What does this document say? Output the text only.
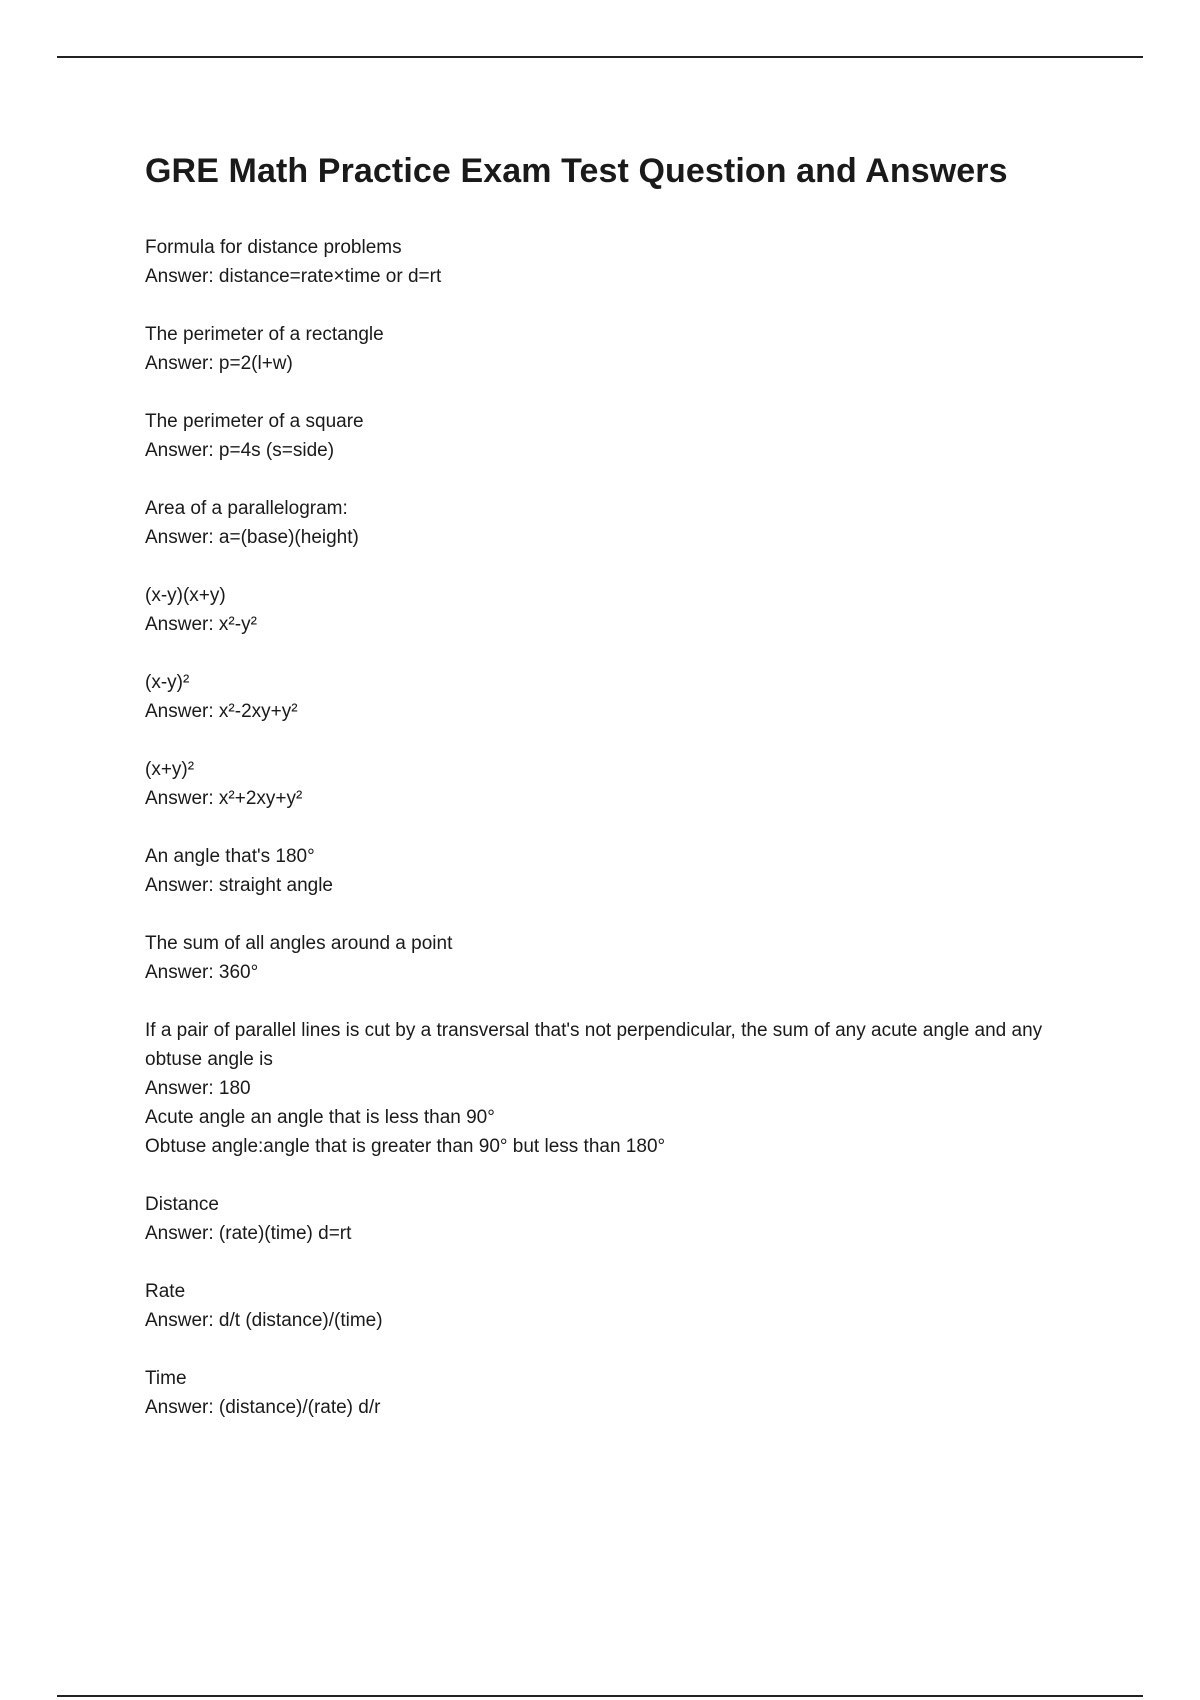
GRE Math Practice Exam Test Question and Answers
Formula for distance problems
Answer: distance=rate×time or d=rt
The perimeter of a rectangle
Answer: p=2(l+w)
The perimeter of a square
Answer: p=4s (s=side)
Area of a parallelogram:
Answer: a=(base)(height)
(x-y)(x+y)
Answer: x²-y²
(x-y)²
Answer: x²-2xy+y²
(x+y)²
Answer: x²+2xy+y²
An angle that's 180°
Answer: straight angle
The sum of all angles around a point
Answer: 360°
If a pair of parallel lines is cut by a transversal that's not perpendicular, the sum of any acute angle and any obtuse angle is
Answer: 180
Acute angle an angle that is less than 90°
Obtuse angle:angle that is greater than 90° but less than 180°
Distance
Answer: (rate)(time) d=rt
Rate
Answer: d/t (distance)/(time)
Time
Answer: (distance)/(rate) d/r
